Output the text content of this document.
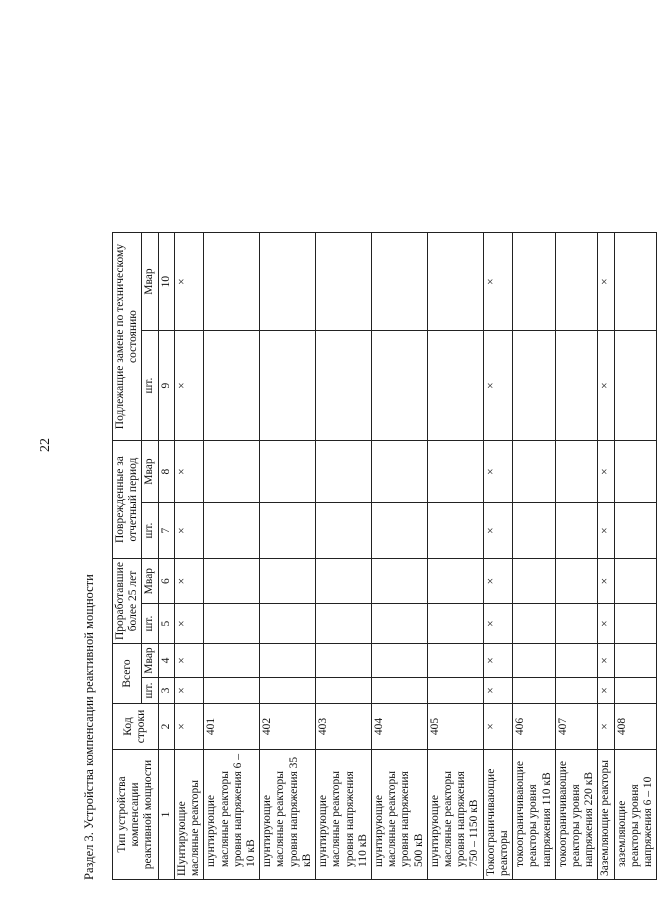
22
Раздел 3. Устройства компенсации реактивной мощности Тип устройства компенсации реактивной мощности	Код строки	Всего		Проработавшие более 25 лет		Поврежденные за отчетный период		Подлежащие замене по техническому состоянию	
		шт.	Мвар	шт.	Мвар	шт.	Мвар	шт.	Мвар
1	2	3	4	5	6	7	8	9	10
Шунтирующие масляные реакторы	×	×	×	×	×	×	×	×	×
шунтирующие масляные реакторы уровня напряжения 6 – 10 кВ	401								
шунтирующие масляные реакторы уровня напряжения 35 кВ	402								
шунтирующие масляные реакторы уровня напряжения 110 кВ	403								
шунтирующие масляные реакторы уровня напряжения 500 кВ	404								
шунтирующие масляные реакторы уровня напряжения 750 – 1150 кВ	405								
Токоограничивающие реакторы	×	×	×	×	×	×	×	×	×
токоограничивающие реакторы уровня напряжения 110 кВ	406								
токоограничивающие реакторы уровня напряжения 220 кВ	407								
Заземляющие реакторы	×	×	×	×	×	×	×	×	×
заземляющие реакторы уровня напряжения 6 – 10	408								
